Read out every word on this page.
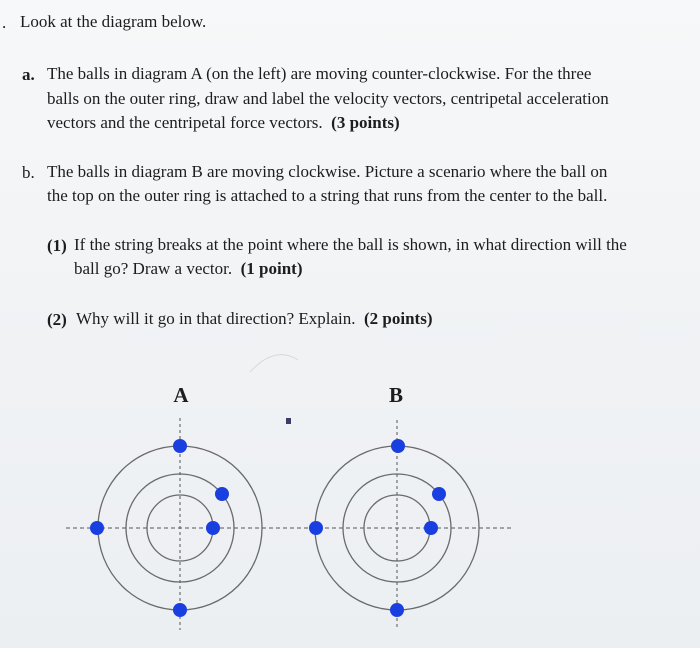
. Look at the diagram below.
a. The balls in diagram A (on the left) are moving counter-clockwise. For the three
balls on the outer ring, draw and label the velocity vectors, centripetal acceleration
vectors and the centripetal force vectors. (3 points)
b. The balls in diagram B are moving clockwise. Picture a scenario where the ball on
the top on the outer ring is attached to a string that runs from the center to the ball.
(1) If the string breaks at the point where the ball is shown, in what direction will the
ball go? Draw a vector. (1 point)
(2) Why will it go in that direction? Explain. (2 points)
A	B
